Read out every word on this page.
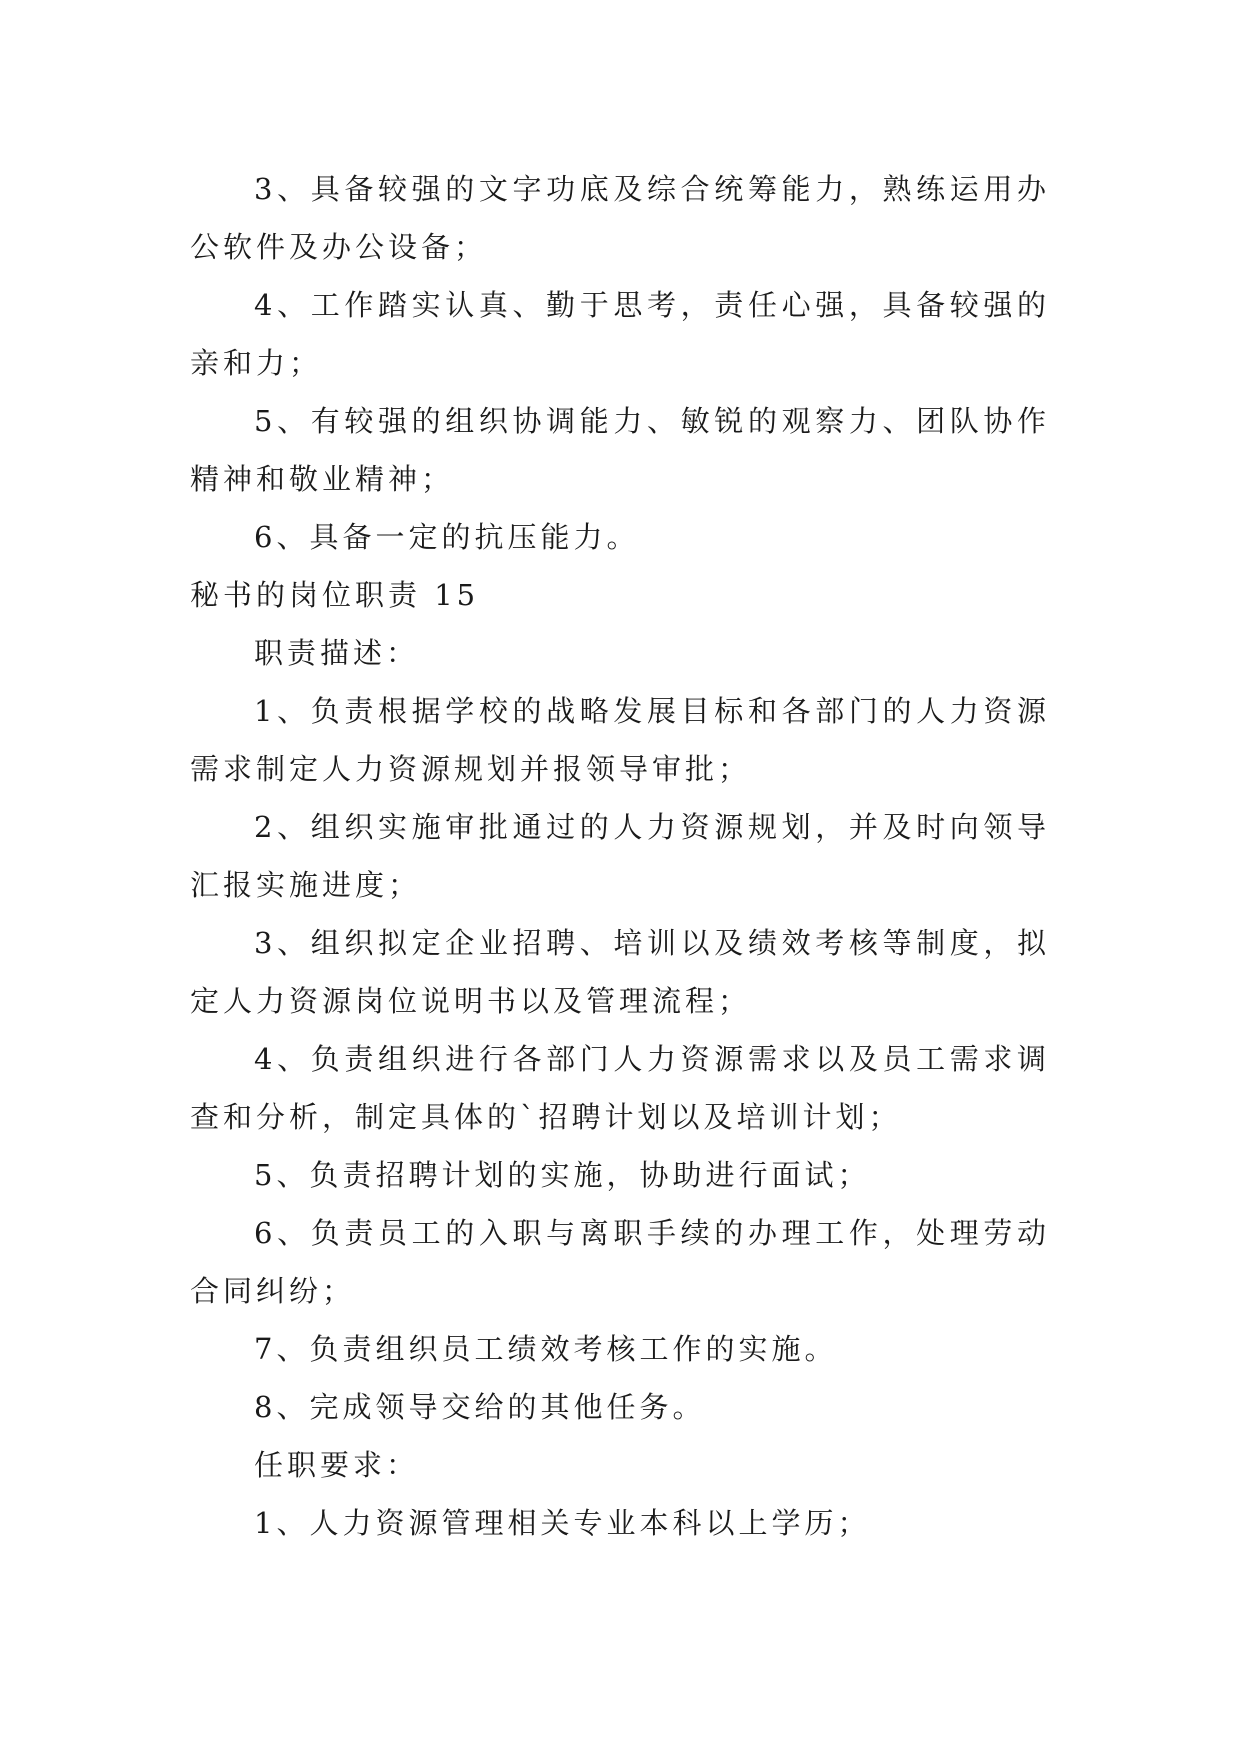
3、具备较强的文字功底及综合统筹能力，熟练运用办
公软件及办公设备；
4、工作踏实认真、勤于思考，责任心强，具备较强的
亲和力；
5、有较强的组织协调能力、敏锐的观察力、团队协作
精神和敬业精神；
6、具备一定的抗压能力。
秘书的岗位职责 15
职责描述：
1、负责根据学校的战略发展目标和各部门的人力资源
需求制定人力资源规划并报领导审批；
2、组织实施审批通过的人力资源规划，并及时向领导
汇报实施进度；
3、组织拟定企业招聘、培训以及绩效考核等制度，拟
定人力资源岗位说明书以及管理流程；
4、负责组织进行各部门人力资源需求以及员工需求调
查和分析，制定具体的`招聘计划以及培训计划；
5、负责招聘计划的实施，协助进行面试；
6、负责员工的入职与离职手续的办理工作，处理劳动
合同纠纷；
7、负责组织员工绩效考核工作的实施。
8、完成领导交给的其他任务。
任职要求：
1、人力资源管理相关专业本科以上学历；
